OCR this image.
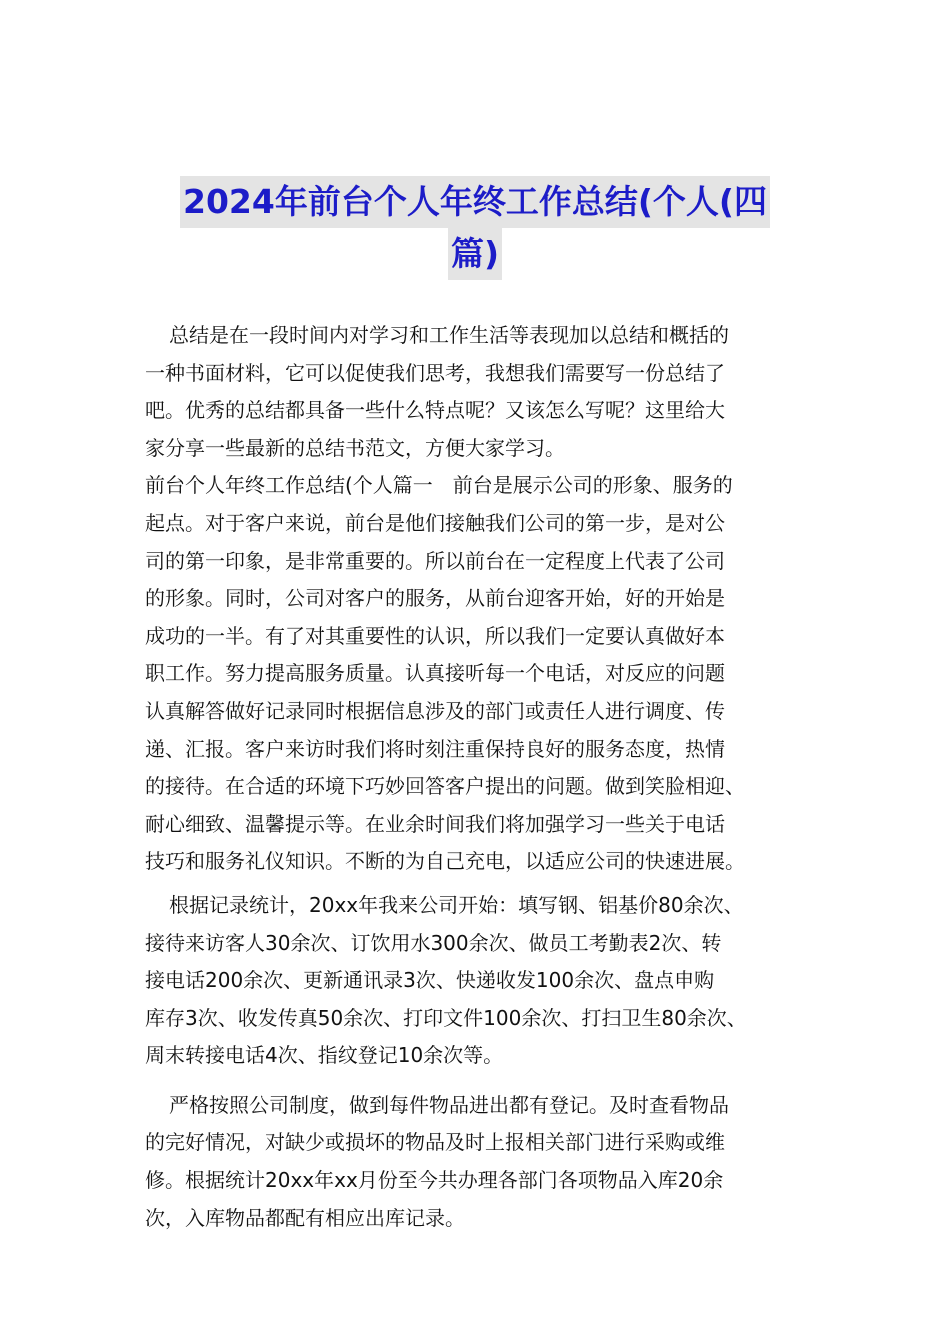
2024年前台个人年终工作总结(个人(四
篇)
总结是在一段时间内对学习和工作生活等表现加以总结和概括的
一种书面材料，它可以促使我们思考，我想我们需要写一份总结了
吧。优秀的总结都具备一些什么特点呢？又该怎么写呢？这里给大
家分享一些最新的总结书范文，方便大家学习。
前台个人年终工作总结(个人篇一　前台是展示公司的形象、服务的
起点。对于客户来说，前台是他们接触我们公司的第一步，是对公
司的第一印象，是非常重要的。所以前台在一定程度上代表了公司
的形象。同时，公司对客户的服务，从前台迎客开始，好的开始是
成功的一半。有了对其重要性的认识，所以我们一定要认真做好本
职工作。努力提高服务质量。认真接听每一个电话，对反应的问题
认真解答做好记录同时根据信息涉及的部门或责任人进行调度、传
递、汇报。客户来访时我们将时刻注重保持良好的服务态度，热情
的接待。在合适的环境下巧妙回答客户提出的问题。做到笑脸相迎、
耐心细致、温馨提示等。在业余时间我们将加强学习一些关于电话
技巧和服务礼仪知识。不断的为自己充电，以适应公司的快速进展。
根据记录统计，20xx年我来公司开始：填写钢、铝基价80余次、
接待来访客人30余次、订饮用水300余次、做员工考勤表2次、转
接电话200余次、更新通讯录3次、快递收发100余次、盘点申购
库存3次、收发传真50余次、打印文件100余次、打扫卫生80余次、
周末转接电话4次、指纹登记10余次等。
严格按照公司制度，做到每件物品进出都有登记。及时查看物品
的完好情况，对缺少或损坏的物品及时上报相关部门进行采购或维
修。根据统计20xx年xx月份至今共办理各部门各项物品入库20余
次，入库物品都配有相应出库记录。
